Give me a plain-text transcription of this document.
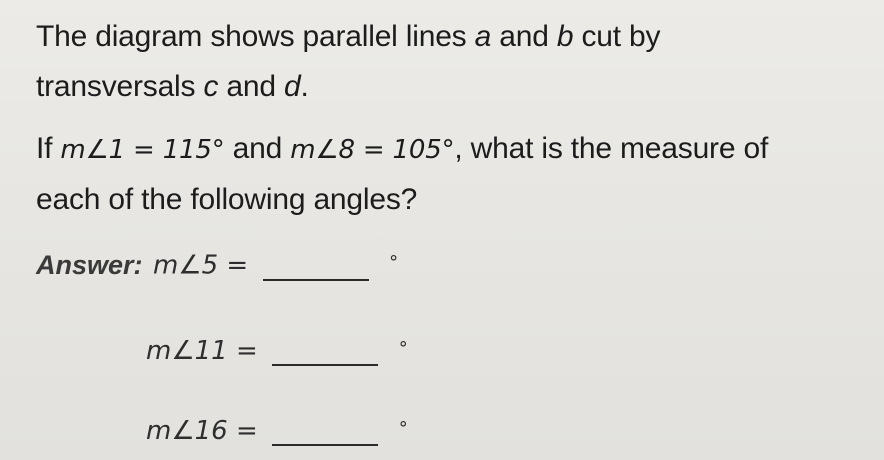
The diagram shows parallel lines a and b cut by
transversals c and d.
If m∠1 = 115° and m∠8 = 105°, what is the measure of
each of the following angles?
Answer: m∠5 =	°
m∠11 =	°
m∠16 =	°
